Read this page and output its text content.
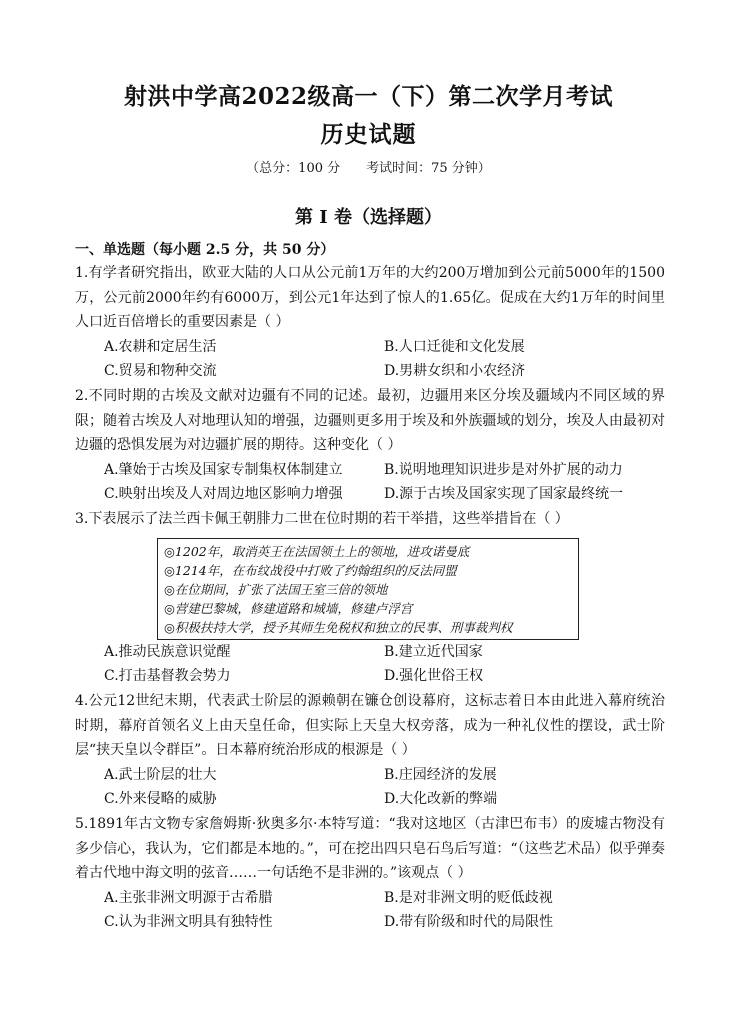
射洪中学高2022级高一（下）第二次学月考试
历史试题
（总分：100 分 考试时间：75 分钟）
第 I 卷（选择题）
一、单选题（每小题 2.5 分，共 50 分）
1.有学者研究指出，欧亚大陆的人口从公元前1万年的大约200万增加到公元前5000年的1500万，公元前2000年约有6000万，到公元1年达到了惊人的1.65亿。促成在大约1万年的时间里人口近百倍增长的重要因素是（ ）
A.农耕和定居生活	B.人口迁徙和文化发展
C.贸易和物种交流	D.男耕女织和小农经济
2.不同时期的古埃及文献对边疆有不同的记述。最初，边疆用来区分埃及疆域内不同区域的界限；随着古埃及人对地理认知的增强，边疆则更多用于埃及和外族疆域的划分，埃及人由最初对边疆的恐惧发展为对边疆扩展的期待。这种变化（ ）
A.肇始于古埃及国家专制集权体制建立	B.说明地理知识进步是对外扩展的动力
C.映射出埃及人对周边地区影响力增强	D.源于古埃及国家实现了国家最终统一
3.下表展示了法兰西卡佩王朝腓力二世在位时期的若干举措，这些举措旨在（ ）
◎1202年，取消英王在法国领土上的领地，进攻诺曼底
◎1214年，在布纹战役中打败了约翰组织的反法同盟
◎在位期间，扩张了法国王室三倍的领地
◎营建巴黎城，修建道路和城墙，修建卢浮宫
◎积极扶持大学，授予其师生免税权和独立的民事、刑事裁判权
A.推动民族意识觉醒	B.建立近代国家
C.打击基督教会势力	D.强化世俗王权
4.公元12世纪末期，代表武士阶层的源赖朝在镰仓创设幕府，这标志着日本由此进入幕府统治时期，幕府首领名义上由天皇任命，但实际上天皇大权旁落，成为一种礼仪性的摆设，武士阶层“挟天皇以令群臣”。日本幕府统治形成的根源是（ ）
A.武士阶层的壮大	B.庄园经济的发展
C.外来侵略的威胁	D.大化改新的弊端
5.1891年古文物专家詹姆斯·狄奥多尔·本特写道：“我对这地区（古津巴布韦）的废墟古物没有多少信心，我认为，它们都是本地的。”，可在挖出四只皂石鸟后写道：“（这些艺术品）似乎弹奏着古代地中海文明的弦音……一句话绝不是非洲的。”该观点（ ）
A.主张非洲文明源于古希腊	B.是对非洲文明的贬低歧视
C.认为非洲文明具有独特性	D.带有阶级和时代的局限性
